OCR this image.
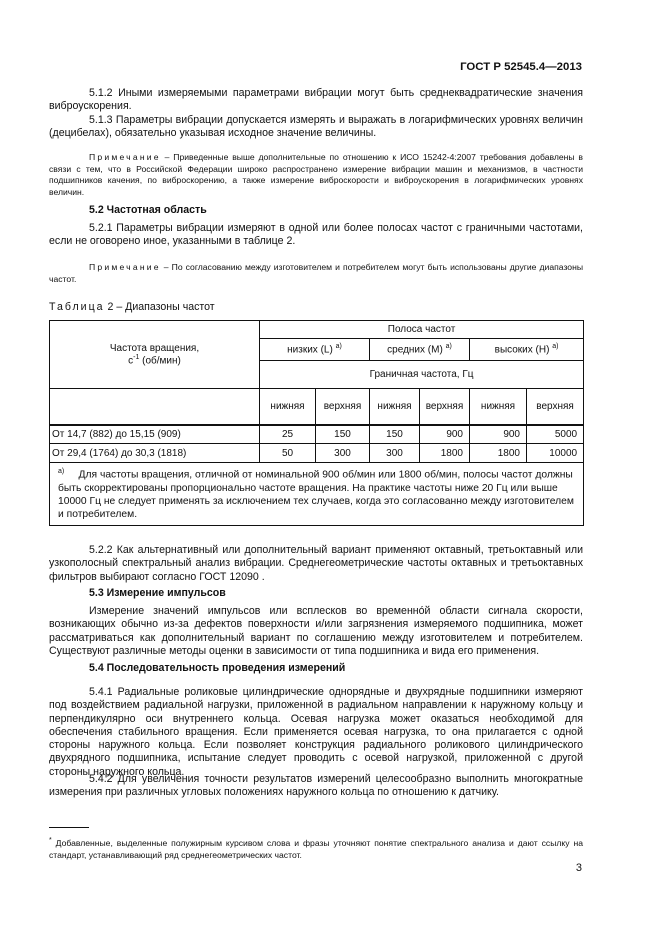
ГОСТ Р 52545.4—2013

5.1.2 Иными измеряемыми параметрами вибрации могут быть среднеквадратические значения виброускорения.

5.1.3 Параметры вибрации допускается измерять и выражать в логарифмических уровнях величин (децибелах), обязательно указывая исходное значение величины.

Примечание – Приведенные выше дополнительные по отношению к ИСО 15242-4:2007 требования добавлены в связи с тем, что в Российской Федерации широко распространено измерение вибрации машин и механизмов, в частности подшипников качения, по виброскорению, а также измерение виброскорости и виброускорения в логарифмических уровнях величин.

5.2 Частотная область

5.2.1 Параметры вибрации измеряют в одной или более полосах частот с граничными частотами, если не оговорено иное, указанными в таблице 2.

Примечание – По согласованию между изготовителем и потребителем могут быть использованы другие диапазоны частот.

Таблица 2 – Диапазоны частот
Частота вращения,
$с^{-1}$ (об/мин)	Полоса частот					
	низких (L) $^{a)}$		средних (M) $^{a)}$		высоких (H) $^{a)}$
	Граничная частота, Гц					
	нижняя	верхняя	нижняя	верхняя	нижняя	верхняя
От 14,7 (882) до 15,15 (909)	25	150	150	900	900	5000
От 29,4 (1764) до 30,3 (1818)	50	300	300	1800	1800	10000
$^{a)}$ Для частоты вращения, отличной от номинальной 900 об/мин или 1800 об/мин, полосы частот должны быть скорректированы пропорционально частоте вращения. На практике частоты ниже 20 Гц или выше 10000 Гц не следует применять за исключением тех случаев, когда это согласованно между изготовителем и потребителем.						

5.2.2 Как альтернативный или дополнительный вариант применяют октавный, третьоктавный или узкополосный спектральный анализ вибрации. Среднегеометрические частоты октавных и третьоктавных фильтров выбирают согласно ГОСТ 12090 .

5.3 Измерение импульсов

Измерение значений импульсов или всплесков во временнóй области сигнала скорости, возникающих обычно из-за дефектов поверхности и/или загрязнения измеряемого подшипника, может рассматриваться как дополнительный вариант по соглашению между изготовителем и потребителем. Существуют различные методы оценки в зависимости от типа подшипника и вида его применения.

5.4 Последовательность проведения измерений

5.4.1 Радиальные роликовые цилиндрические однорядные и двухрядные подшипники измеряют под воздействием радиальной нагрузки, приложенной в радиальном направлении к наружному кольцу и перпендикулярно оси внутреннего кольца. Осевая нагрузка может оказаться необходимой для обеспечения стабильного вращения. Если применяется осевая нагрузка, то она прилагается с одной стороны наружного кольца. Если позволяет конструкция радиального роликового цилиндрического двухрядного подшипника, испытание следует проводить с осевой нагрузкой, приложенной с другой стороны наружного кольца.

5.4.2 Для увеличения точности результатов измерений целесообразно выполнить многократные измерения при различных угловых положениях наружного кольца по отношению к датчику.

* Добавленные, выделенные полужирным курсивом слова и фразы уточняют понятие спектрального анализа и дают ссылку на стандарт, устанавливающий ряд среднегеометрических частот.

3
